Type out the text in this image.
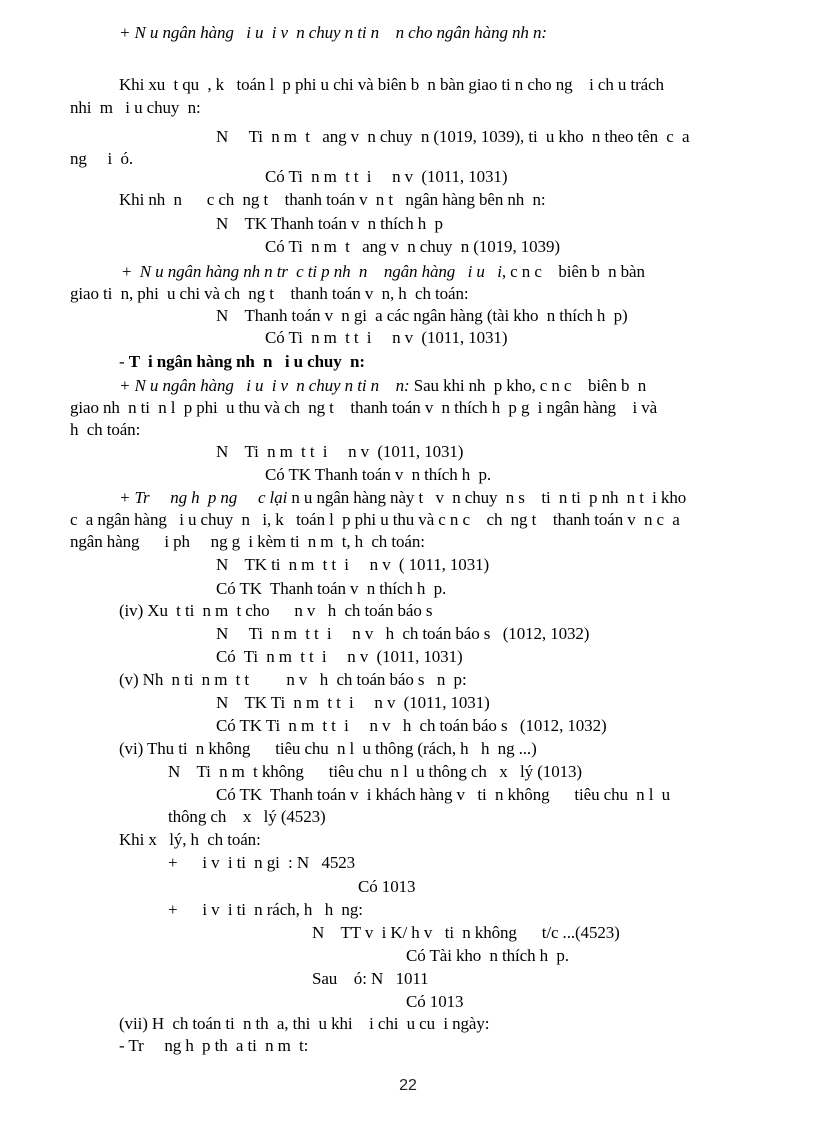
+ N u ngân hàng   i u  i v  n chuy n ti n    n cho ngân hàng nh n:
Khi xu  t qu  , k   toán l  p phi u chi và biên b  n bàn giao ti n cho ng    i ch u trách
nhi  m   i u chuy  n:
N     Ti  n m  t   ang v  n chuy  n (1019, 1039), ti  u kho  n theo tên  c  a
ng     i  ó.
Có Ti  n m  t t  i     n v  (1011, 1031)
Khi nh  n      c ch  ng t    thanh toán v  n t   ngân hàng bên nh  n:
N    TK Thanh toán v  n thích h  p
Có Ti  n m  t   ang v  n chuy  n (1019, 1039)
+  N u ngân hàng nh n tr  c ti p nh  n    ngân hàng   i u   i, c n c    biên b  n bàn
giao ti  n, phi  u chi và ch  ng t    thanh toán v  n, h  ch toán:
N    Thanh toán v  n gi  a các ngân hàng (tài kho  n thích h  p)
Có Ti  n m  t t  i     n v  (1011, 1031)
- T  i ngân hàng nh  n   i u chuy  n:
+ N u ngân hàng   i u  i v  n chuy n ti n    n: Sau khi nh  p kho, c n c    biên b  n
giao nh  n ti  n l  p phi  u thu và ch  ng t    thanh toán v  n thích h  p g  i ngân hàng    i và
h  ch toán:
N    Ti  n m  t t  i     n v  (1011, 1031)
Có TK Thanh toán v  n thích h  p.
+ Tr     ng h  p ng     c lại n u ngân hàng này t   v  n chuy  n s    ti  n ti  p nh  n t  i kho
c  a ngân hàng   i u chuy  n   i, k   toán l  p phi u thu và c n c    ch  ng t    thanh toán v  n c  a
ngân hàng      i ph     ng g  i kèm ti  n m  t, h  ch toán:
N    TK ti  n m  t t  i     n v  ( 1011, 1031)
Có TK  Thanh toán v  n thích h  p.
(iv) Xu  t ti  n m  t cho      n v   h  ch toán báo s
N     Ti  n m  t t  i     n v   h  ch toán báo s   (1012, 1032)
Có  Ti  n m  t t  i     n v  (1011, 1031)
(v) Nh  n ti  n m  t t         n v   h  ch toán báo s   n  p:
N    TK Ti  n m  t t  i     n v  (1011, 1031)
Có TK Ti  n m  t t  i     n v   h  ch toán báo s   (1012, 1032)
(vi) Thu ti  n không      tiêu chu  n l  u thông (rách, h   h  ng ...)
N    Ti  n m  t không      tiêu chu  n l  u thông ch   x   lý (1013)
Có TK  Thanh toán v  i khách hàng v   ti  n không      tiêu chu  n l  u
thông ch    x   lý (4523)
Khi x   lý, h  ch toán:
+      i v  i ti  n gi  : N   4523
Có 1013
+      i v  i ti  n rách, h   h  ng:
N    TT v  i K/ h v   ti  n không      t/c ...(4523)
Có Tài kho  n thích h  p.
Sau    ó: N   1011
Có 1013
(vii) H  ch toán ti  n th  a, thi  u khi    i chi  u cu  i ngày:
- Tr     ng h  p th  a ti  n m  t:
22
